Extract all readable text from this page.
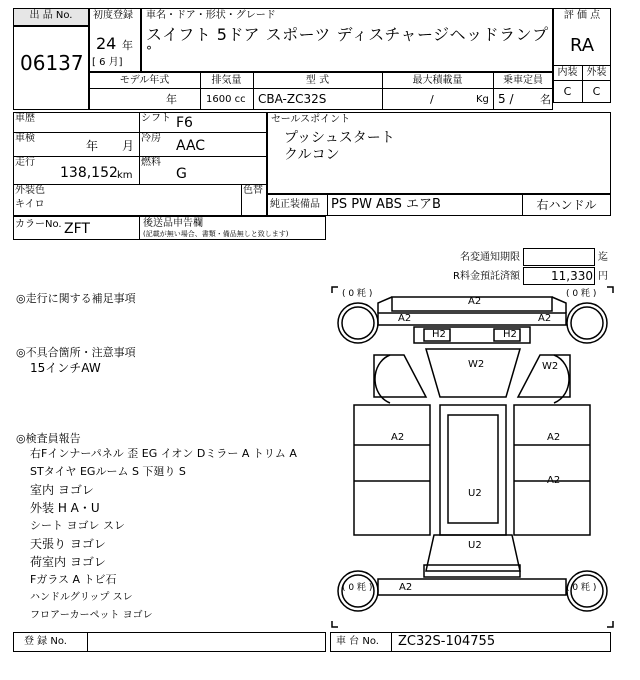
出 品 No.
06137
初度登録
24 年
[ 6 月]
車名・ドア・形状・グレード
スイフト 5ドア スポーツ ディスチャージヘッドランプ
°
評 価 点
RA
内装 外装
C	C
モデル年式	排気量	型 式	最大積載量	乗車定員
年	1600 cc CBA-ZC32S	/	Kg 5 / 名
車歴	シフト F6
車検
年 月
冷房 AAC
走行
138,152 km
燃料
G
外装色
キイロ
色替
セールスポイント
プッシュスタート
クルコン
純正装備品 PS PW ABS エアB	右ハンドル
カラーNo. ZFT	後送品申告欄
(記載が無い場合、書類・備品無しと致します)
名変通知期限	迄
R料金預託済額	11,330 円
◎走行に関する補足事項
◎不具合箇所・注意事項
15インチAW
◎検査員報告
右Fインナーパネル 歪 EG イオン Dミラー A トリム A
STタイヤ EGルーム S 下廻り S
室内 ヨゴレ
外装 H A・U
シート ヨゴレ スレ
天張り ヨゴレ
荷室内 ヨゴレ
Fガラス A トビ石
ハンドルグリップ スレ
フロアーカーペット ヨゴレ
( 0 粍 )	( 0 粍 )
( 0 粍 )	( 0 粍 )
A2
A2	A2
H2	H2
W2	W2
A2	A2
A2
U2
U2
A2
登 録 No.	車 台 No. ZC32S-104755
